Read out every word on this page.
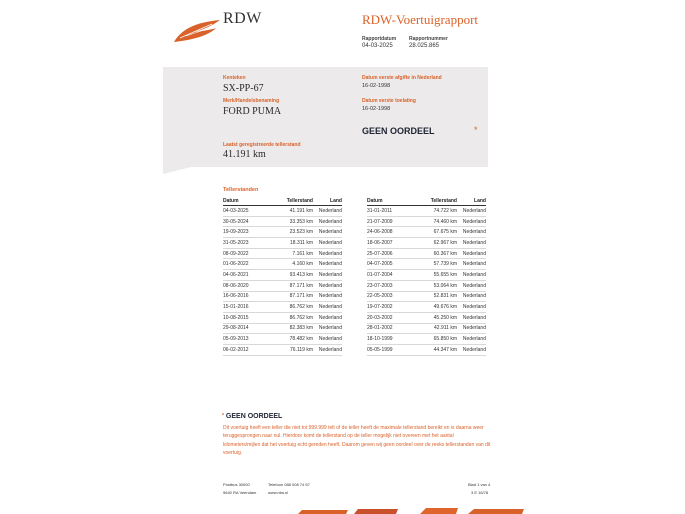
RDW	RDW-Voertuigrapport
Rapportdatum
04-03-2025
Rapportnummer
28.025.865
Kenteken
SX-PP-67
Merk/Handelsbenaming
FORD PUMA
Laatst geregistreerde tellerstand
41.191 km
Datum eerste afgifte in Nederland
16-02-1998
Datum eerste toelating
16-02-1998
GEEN OORDEEL	*
Tellerstanden
Datum	Tellerstand	Land
04-03-2025	41.191 km	Nederland
30-05-2024	33.353 km	Nederland
19-09-2023	23.523 km	Nederland
31-05-2023	18.311 km	Nederland
08-09-2022	7.161 km	Nederland
01-06-2022	4.160 km	Nederland
04-06-2021	93.413 km	Nederland
08-06-2020	87.171 km	Nederland
16-06-2016	87.171 km	Nederland
15-01-2016	86.762 km	Nederland
10-08-2015	86.762 km	Nederland
29-08-2014	82.383 km	Nederland
05-09-2013	78.482 km	Nederland
06-02-2012	76.119 km	Nederland
Datum	Tellerstand	Land
31-01-2011	74.722 km	Nederland
21-07-2009	74.460 km	Nederland
24-06-2008	67.675 km	Nederland
18-06-2007	62.967 km	Nederland
25-07-2006	60.367 km	Nederland
04-07-2005	57.739 km	Nederland
01-07-2004	55.655 km	Nederland
23-07-2003	53.064 km	Nederland
22-05-2003	52.831 km	Nederland
19-07-2002	49.676 km	Nederland
20-03-2002	45.250 km	Nederland
28-01-2002	42.911 km	Nederland
18-10-1999	65.850 km	Nederland
05-05-1999	44.347 km	Nederland
* GEEN OORDEEL
Dit voertuig heeft een teller die niet tot 999.999 telt of de teller heeft de maximale tellerstand bereikt en is daarna weer teruggesprongen naar nul. Hierdoor komt de tellerstand op de teller mogelijk niet overeen met het aantal kilometers/mijlen dat het voertuig echt gereden heeft. Daarom geven wij geen oordeel over de reeks tellerstanden van dit voertuig.
Postbus 30000
9640 RA Veendam
Telefoon 088 008 74 67
www.rdw.nl
Blad 1 van 4
3 E 16/78
